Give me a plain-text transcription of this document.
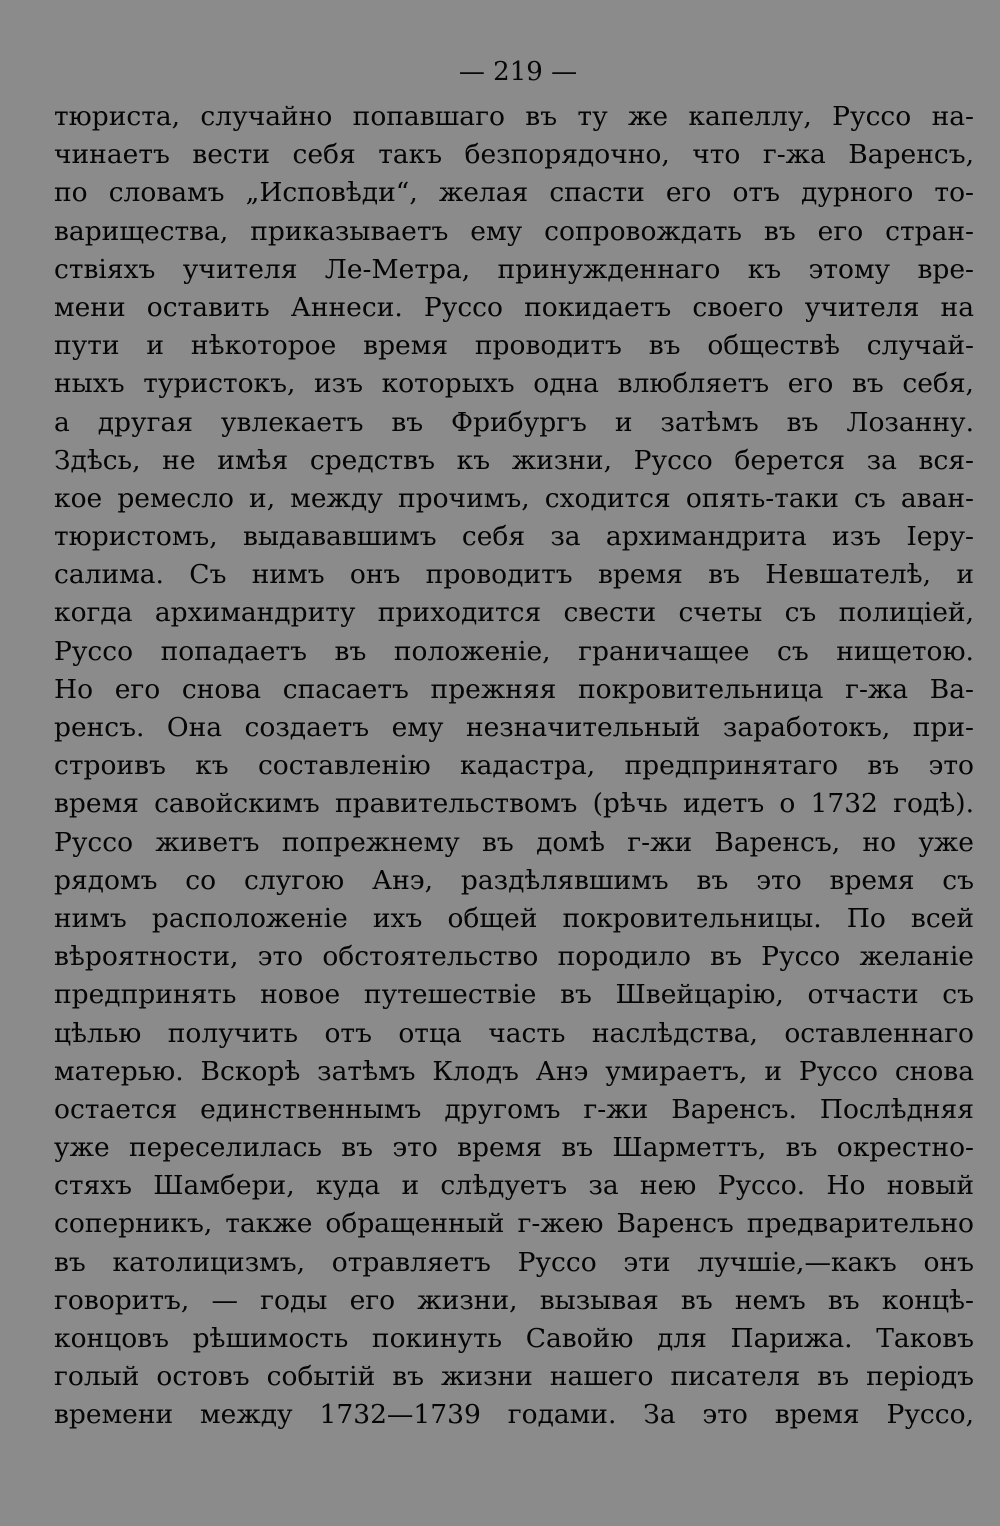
— 219 —
тюриста, случайно попавшаго въ ту же капеллу, Руссо на-
чинаетъ вести себя такъ безпорядочно, что г-жа Варенсъ,
по словамъ „Исповѣди“, желая спасти его отъ дурного то-
варищества, приказываетъ ему сопровождать въ его стран-
ствіяхъ учителя Ле-Метра, принужденнаго къ этому вре-
мени оставить Аннеси. Руссо покидаетъ своего учителя на
пути и нѣкоторое время проводитъ въ обществѣ случай-
ныхъ туристокъ, изъ которыхъ одна влюбляетъ его въ себя,
а другая увлекаетъ въ Фрибургъ и затѣмъ въ Лозанну.
Здѣсь, не имѣя средствъ къ жизни, Руссо берется за вся-
кое ремесло и, между прочимъ, сходится опять-таки съ аван-
тюристомъ, выдававшимъ себя за архимандрита изъ Іеру-
салима. Съ нимъ онъ проводитъ время въ Невшателѣ, и
когда архимандриту приходится свести счеты съ полиціей,
Руссо попадаетъ въ положеніе, граничащее съ нищетою.
Но его снова спасаетъ прежняя покровительница г-жа Ва-
ренсъ. Она создаетъ ему незначительный заработокъ, при-
строивъ къ составленію кадастра, предпринятаго въ это
время савойскимъ правительствомъ (рѣчь идетъ о 1732 годѣ).
Руссо живетъ попрежнему въ домѣ г-жи Варенсъ, но уже
рядомъ со слугою Анэ, раздѣлявшимъ въ это время съ
нимъ расположеніе ихъ общей покровительницы. По всей
вѣроятности, это обстоятельство породило въ Руссо желаніе
предпринять новое путешествіе въ Швейцарію, отчасти съ
цѣлью получить отъ отца часть наслѣдства, оставленнаго
матерью. Вскорѣ затѣмъ Клодъ Анэ умираетъ, и Руссо снова
остается единственнымъ другомъ г-жи Варенсъ. Послѣдняя
уже переселилась въ это время въ Шарметтъ, въ окрестно-
стяхъ Шамбери, куда и слѣдуетъ за нею Руссо. Но новый
соперникъ, также обращенный г-жею Варенсъ предварительно
въ католицизмъ, отравляетъ Руссо эти лучшіе,—какъ онъ
говоритъ, — годы его жизни, вызывая въ немъ въ концѣ-
концовъ рѣшимость покинуть Савойю для Парижа. Таковъ
голый остовъ событій въ жизни нашего писателя въ періодъ
времени между 1732—1739 годами. За это время Руссо,
